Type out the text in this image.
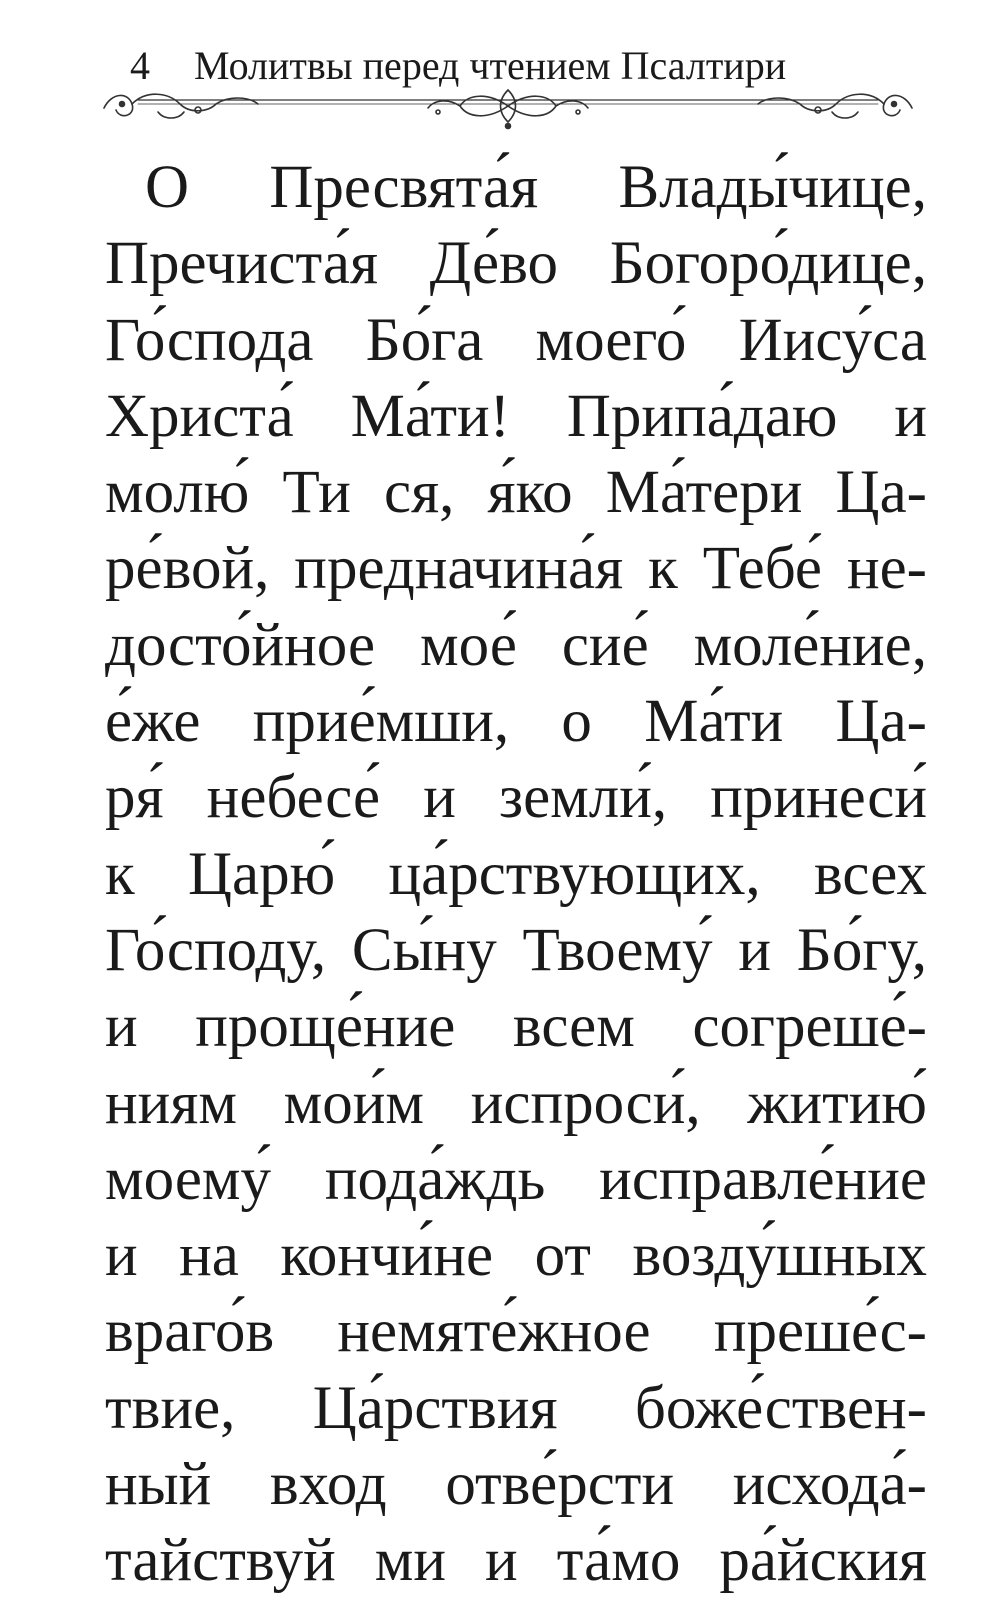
4 Молитвы перед чтением Псалтири
О Пресвята́я Влады́чице,
Пречиста́я Де́во Богоро́дице,
Го́спода Бо́га моего́ Иису́са
Христа́ Ма́ти! Припа́даю и
молю́ Ти ся, я́ко Ма́тери Ца-
ре́вой, предначина́я к Тебе́ не-
досто́йное мое́ сие́ моле́ние,
е́же прие́мши, о Ма́ти Ца-
ря́ небесе́ и земли́, принеси́
к Царю́ ца́рствующих, всех
Го́споду, Сы́ну Твоему́ и Бо́гу,
и проще́ние всем согреше́-
ниям мои́м испроси́, житию́
моему́ пода́ждь исправле́ние
и на кончи́не от возду́шных
враго́в немяте́жное преше́с-
твие, Ца́рствия боже́ствен-
ный вход отве́рсти исхода́-
тайствуй ми и та́мо ра́йския
